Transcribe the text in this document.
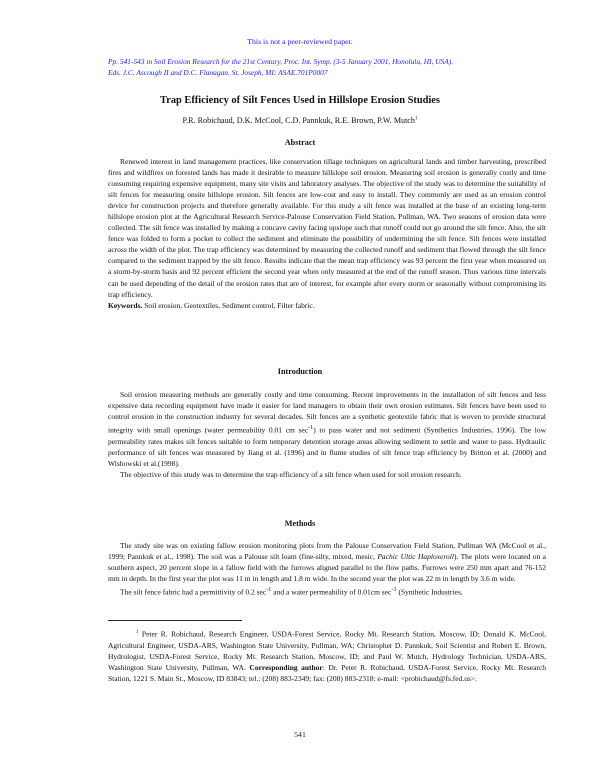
This is not a peer-reviewed paper.
Pp. 541-543 in Soil Erosion Research for the 21st Century, Proc. Int. Symp. (3-5 January 2001, Honolulu, HI, USA).
Eds. J.C. Ascough II and D.C. Flanagan. St. Joseph, MI: ASAE.701P0007
Trap Efficiency of Silt Fences Used in Hillslope Erosion Studies
P.R. Robichaud, D.K. McCool, C.D. Pannkuk, R.E. Brown, P.W. Mutch$^1$
Abstract

Renewed interest in land management practices, like conservation tillage techniques on agricultural lands and timber harvesting, prescribed fires and wildfires on forested lands has made it desirable to measure hillslope soil erosion. Measuring soil erosion is generally costly and time consuming requiring expensive equipment, many site visits and laboratory analyses. The objective of the study was to determine the suitability of silt fences for measuring onsite hillslope erosion. Silt fences are low-cost and easy to install. They commonly are used as an erosion control device for construction projects and therefore generally available. For this study a silt fence was installed at the base of an existing long-term hillslope erosion plot at the Agricultural Research Service-Palouse Conservation Field Station, Pullman, WA. Two seasons of erosion data were collected. The silt fence was installed by making a concave cavity facing upslope such that runoff could not go around the silt fence. Also, the silt fence was folded to form a pocket to collect the sediment and eliminate the possibility of undermining the silt fence. Silt fences were installed across the width of the plot. The trap efficiency was determined by measuring the collected runoff and sediment that flowed through the silt fence compared to the sediment trapped by the silt fence. Results indicate that the mean trap efficiency was 93 percent the first year when measured on a storm-by-storm basis and 92 percent efficient the second year when only measured at the end of the runoff season. Thus various time intervals can be used depending of the detail of the erosion rates that are of interest, for example after every storm or seasonally without compromising its trap efficiency.

Keywords. Soil erosion, Geotextiles, Sediment control, Filter fabric.

Introduction

Soil erosion measuring methods are generally costly and time consuming. Recent improvements in the installation of silt fences and less expensive data recording equipment have made it easier for land managers to obtain their own erosion estimates. Silt fences have been used to control erosion in the construction industry for several decades. Silt fences are a synthetic geotextile fabric that is woven to provide structural integrity with small openings (water permeability 0.01 cm $\sec^{-1}$) to pass water and not sediment (Synthetics Industries, 1996). The low permeability rates makes silt fences suitable to form temporary detention storage areas allowing sediment to settle and water to pass. Hydraulic performance of silt fences was measured by Jiang et al. (1996) and in flume studies of silt fence trap efficiency by Britton et al. (2000) and Wishowski et al.(1998).

The objective of this study was to determine the trap efficiency of a silt fence when used for soil erosion research.

Methods

The study site was on existing fallow erosion monitoring plots from the Palouse Conservation Field Station, Pullman WA (McCool et al., 1999; Pannkuk et al., 1998). The soil was a Palouse silt loam (fine-silty, mixed, mesic, Pachic Ultic Haploxeroll). The plots were located on a southern aspect, 20 percent slope in a fallow field with the furrows aligned parallel to the flow paths. Furrows were 250 mm apart and 76-152 mm in depth. In the first year the plot was 11 m in length and 1.8 m wide. In the second year the plot was 22 m in length by 3.6 m wide.

The silt fence fabric had a permittivity of 0.2 $\sec^{-1}$ and a water permeability of 0.01cm $\sec^{-1}$ (Synthetic Industries,

$^1$ Peter R. Robichaud, Research Engineer, USDA-Forest Service, Rocky Mt. Research Station, Moscow, ID; Donald K. McCool, Agricultural Engineer, USDA-ARS, Washington State University, Pullman, WA; Christopher D. Pannkuk, Soil Scientist and Robert E. Brown, Hydrologist, USDA-Forest Service, Rocky Mt. Research Station, Moscow, ID; and Paul W. Mutch, Hydrology Technician, USDA-ARS, Washington State University, Pullman, WA. Corresponding author: Dr. Peter R. Robichaud, USDA-Forest Service, Rocky Mt. Research Station, 1221 S. Main St., Moscow, ID 83843; tel.: (208) 883-2349; fax: (208) 883-2318: e-mail: <probichaud@fs.fed.us>.

541
